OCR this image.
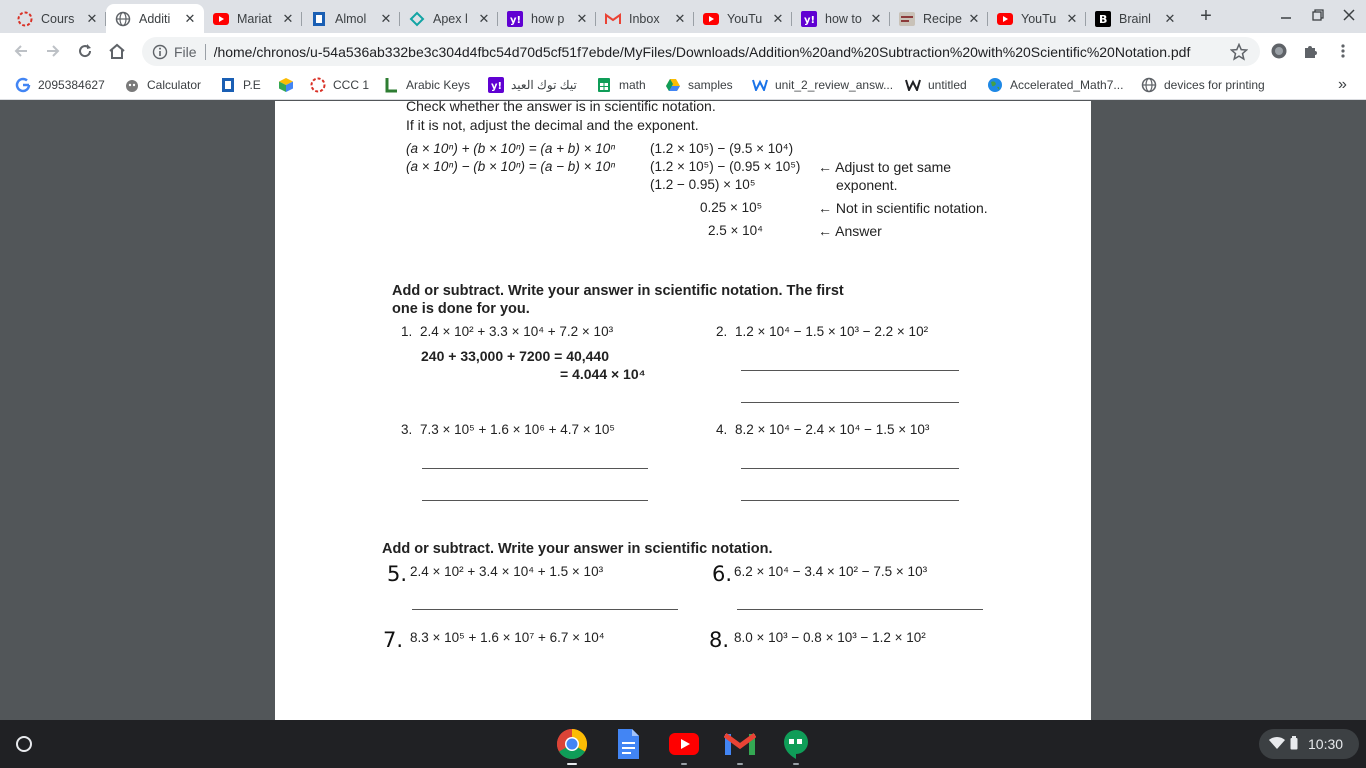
Cours ✕	Additi	✕	Mariat ✕	Almol	✕	Apex l ✕ y! how p ✕	Inbox	✕	YouTu ✕ y! how to ✕	Recipe ✕	YouTu ✕ B Brainl	✕ +
File /home/chronos/u-54a536ab332be3c304d4fbc54d70d5cf51f7ebde/MyFiles/Downloads/Addition%20and%20Subtraction%20with%20Scientific%20Notation.pdf
2095384627	Calculator	P.E	CCC 1	Arabic Keys y! تيك توك العيد	math	samples	unit_2_review_answ...	untitled	Accelerated_Math7...	devices for printing	»
Check whether the answer is in scientific notation.
If it is not, adjust the decimal and the exponent.
(a × 10ⁿ) + (b × 10ⁿ) = (a + b) × 10ⁿ
(a × 10ⁿ) − (b × 10ⁿ) = (a − b) × 10ⁿ
(1.2 × 10⁵) − (9.5 × 10⁴)
(1.2 × 10⁵) − (0.95 × 10⁵)
(1.2 − 0.95) × 10⁵
0.25 × 10⁵
2.5 × 10⁴
← Adjust to get same
exponent.
← Not in scientific notation.
← Answer
Add or subtract. Write your answer in scientific notation. The first
one is done for you.
1. 2.4 × 10² + 3.3 × 10⁴ + 7.2 × 10³
240 + 33,000 + 7200 = 40,440
= 4.044 × 10⁴
2. 1.2 × 10⁴ − 1.5 × 10³ − 2.2 × 10²
3. 7.3 × 10⁵ + 1.6 × 10⁶ + 4.7 × 10⁵	4. 8.2 × 10⁴ − 2.4 × 10⁴ − 1.5 × 10³
Add or subtract. Write your answer in scientific notation.
5. 2.4 × 10² + 3.4 × 10⁴ + 1.5 × 10³	6. 6.2 × 10⁴ − 3.4 × 10² − 7.5 × 10³
7. 8.3 × 10⁵ + 1.6 × 10⁷ + 6.7 × 10⁴	8. 8.0 × 10³ − 0.8 × 10³ − 1.2 × 10²
10:30
